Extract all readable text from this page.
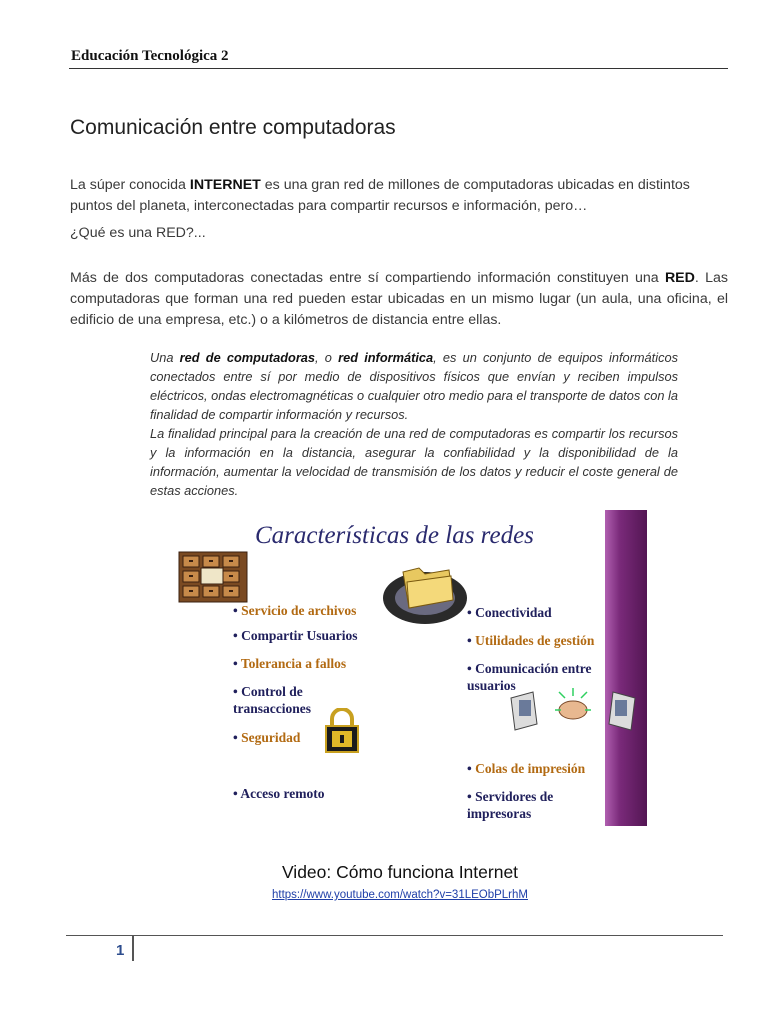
Educación Tecnológica 2
Comunicación entre computadoras
La súper conocida INTERNET es una gran red de millones de computadoras ubicadas en distintos puntos del planeta, interconectadas para compartir recursos e información, pero…
¿Qué es una RED?...
Más de dos computadoras conectadas entre sí compartiendo información constituyen una RED. Las computadoras que forman una red pueden estar ubicadas en un mismo lugar (un aula, una oficina, el edificio de una empresa, etc.) o a kilómetros de distancia entre ellas.
Una red de computadoras, o red informática, es un conjunto de equipos informáticos conectados entre sí por medio de dispositivos físicos que envían y reciben impulsos eléctricos, ondas electromagnéticas o cualquier otro medio para el transporte de datos con la finalidad de compartir información y recursos.
La finalidad principal para la creación de una red de computadoras es compartir los recursos y la información en la distancia, asegurar la confiabilidad y la disponibilidad de la información, aumentar la velocidad de transmisión de los datos y reducir el coste general de estas acciones.
Características de las redes
• Servicio de archivos
• Compartir Usuarios
• Tolerancia a fallos
• Control de transacciones
• Seguridad
• Acceso remoto
• Conectividad
• Utilidades de gestión
• Comunicación entre usuarios
• Colas de impresión
• Servidores de impresoras
Video: Cómo funciona Internet
https://www.youtube.com/watch?v=31LEObPLrhM
1
